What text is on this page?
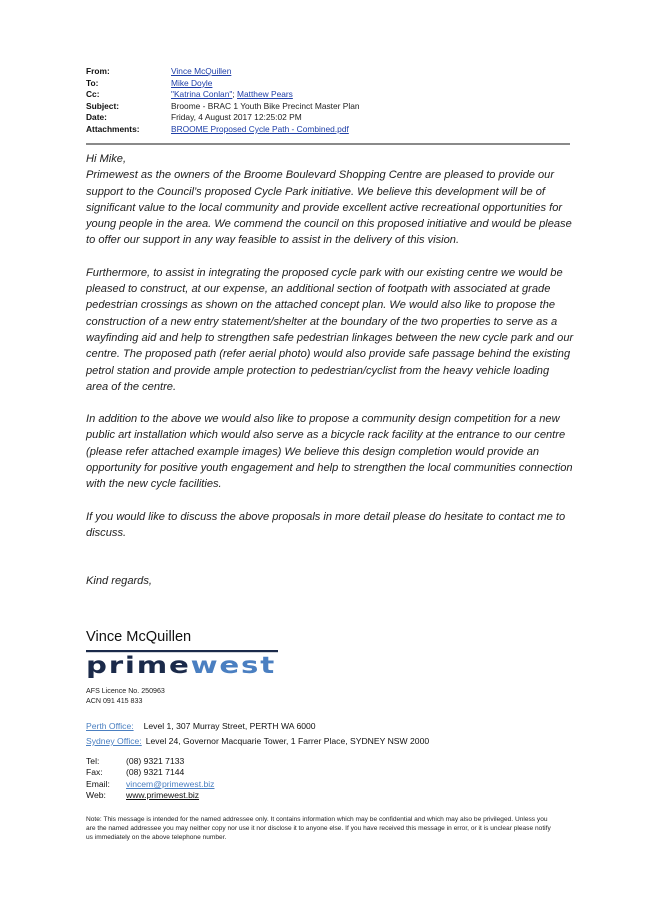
From:	Vince McQuillen
To:	Mike Doyle
Cc:	"Katrina Conlan"; Matthew Pears
Subject:	Broome - BRAC 1 Youth Bike Precinct Master Plan
Date:	Friday, 4 August 2017 12:25:02 PM
Attachments:	BROOME Proposed Cycle Path - Combined.pdf

Hi Mike,

Primewest as the owners of the Broome Boulevard Shopping Centre are pleased to provide our support to the Council’s proposed Cycle Park initiative. We believe this development will be of significant value to the local community and provide excellent active recreational opportunities for young people in the area. We commend the council on this proposed initiative and would be please to offer our support in any way feasible to assist in the delivery of this vision.

Furthermore, to assist in integrating the proposed cycle park with our existing centre we would be pleased to construct, at our expense, an additional section of footpath with associated at grade pedestrian crossings as shown on the attached concept plan. We would also like to propose the construction of a new entry statement/shelter at the boundary of the two properties to serve as a wayfinding aid and help to strengthen safe pedestrian linkages between the new cycle park and our centre. The proposed path (refer aerial photo) would also provide safe passage behind the existing petrol station and provide ample protection to pedestrian/cyclist from the heavy vehicle loading area of the centre.

In addition to the above we would also like to propose a community design competition for a new public art installation which would also serve as a bicycle rack facility at the entrance to our centre (please refer attached example images) We believe this design completion would provide an opportunity for positive youth engagement and help to strengthen the local communities connection with the new cycle facilities.

If you would like to discuss the above proposals in more detail please do hesitate to contact me to discuss.

Kind regards,

Vince McQuillen
prime west
AFS Licence No. 250963
ACN 091 415 833
Perth Office: Level 1, 307 Murray Street, PERTH WA 6000
Sydney Office: Level 24, Governor Macquarie Tower, 1 Farrer Place, SYDNEY NSW 2000
Tel:	(08) 9321 7133
Fax:	(08) 9321 7144
Email:	vincem@primewest.biz
Web:	www.primewest.biz
Note: This message is intended for the named addressee only. It contains information which may be confidential and which may also be privileged. Unless you are the named addressee you may neither copy nor use it nor disclose it to anyone else. If you have received this message in error, or it is unclear please notify us immediately on the above telephone number.
